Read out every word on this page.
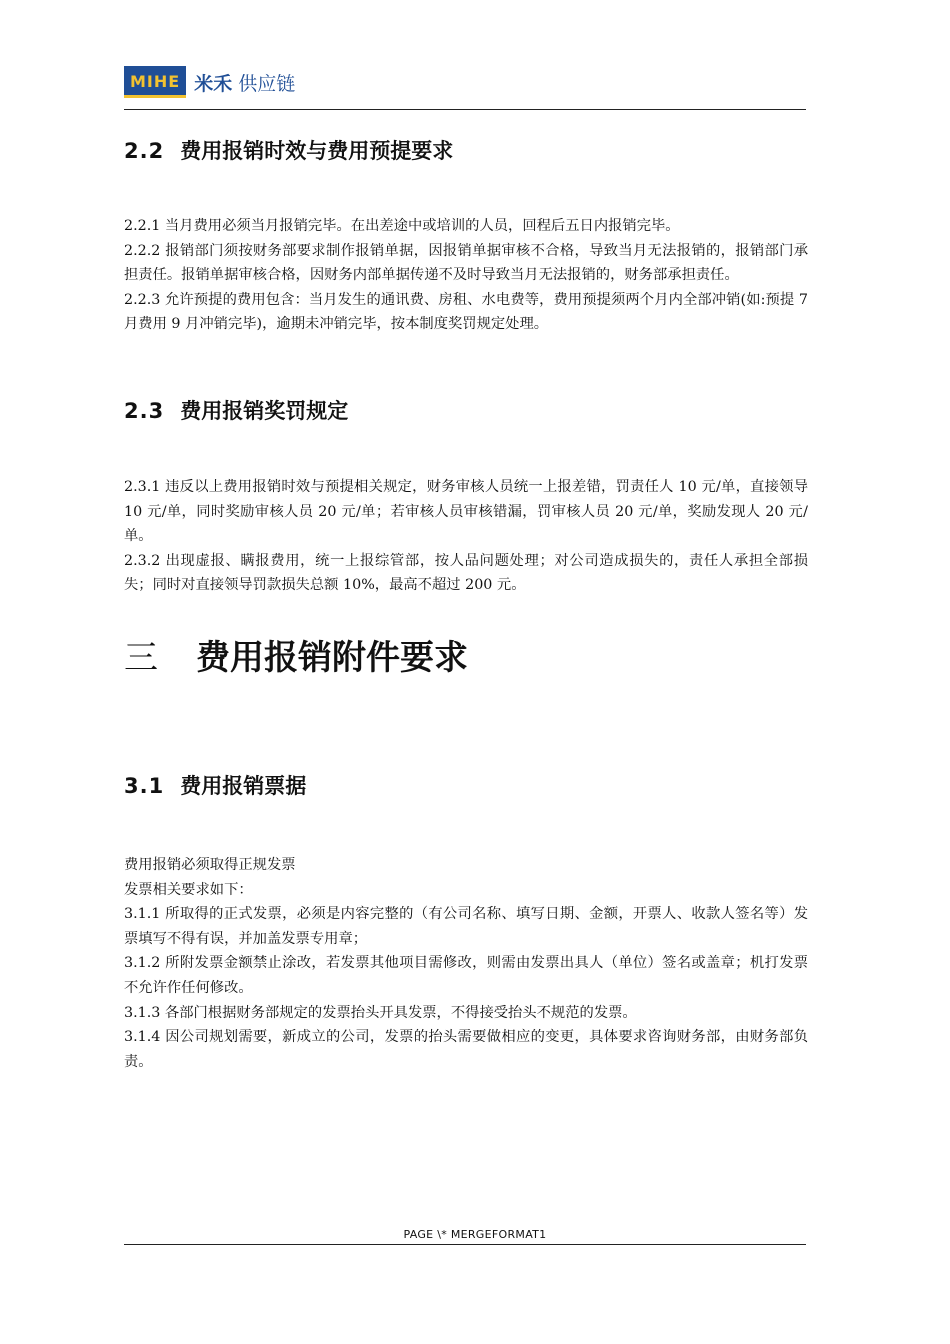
MIHE 米禾 供应链
2.2 费用报销时效与费用预提要求

2.2.1 当月费用必须当月报销完毕。在出差途中或培训的人员，回程后五日内报销完毕。

2.2.2 报销部门须按财务部要求制作报销单据，因报销单据审核不合格，导致当月无法报销的，报销部门承担责任。报销单据审核合格，因财务内部单据传递不及时导致当月无法报销的，财务部承担责任。

2.2.3 允许预提的费用包含：当月发生的通讯费、房租、水电费等，费用预提须两个月内全部冲销(如:预提 7 月费用 9 月冲销完毕)，逾期未冲销完毕，按本制度奖罚规定处理。

2.3 费用报销奖罚规定

2.3.1 违反以上费用报销时效与预提相关规定，财务审核人员统一上报差错，罚责任人 10 元/单，直接领导 10 元/单，同时奖励审核人员 20 元/单；若审核人员审核错漏，罚审核人员 20 元/单，奖励发现人 20 元/单。

2.3.2 出现虚报、瞒报费用，统一上报综管部，按人品问题处理；对公司造成损失的，责任人承担全部损失；同时对直接领导罚款损失总额 10%，最高不超过 200 元。

三 费用报销附件要求
3.1 费用报销票据

费用报销必须取得正规发票

发票相关要求如下：

3.1.1 所取得的正式发票，必须是内容完整的（有公司名称、填写日期、金额，开票人、收款人签名等）发票填写不得有误，并加盖发票专用章；

3.1.2 所附发票金额禁止涂改，若发票其他项目需修改，则需由发票出具人（单位）签名或盖章；机打发票不允许作任何修改。

3.1.3 各部门根据财务部规定的发票抬头开具发票，不得接受抬头不规范的发票。

3.1.4 因公司规划需要，新成立的公司，发票的抬头需要做相应的变更，具体要求咨询财务部，由财务部负责。

PAGE \* MERGEFORMAT1
